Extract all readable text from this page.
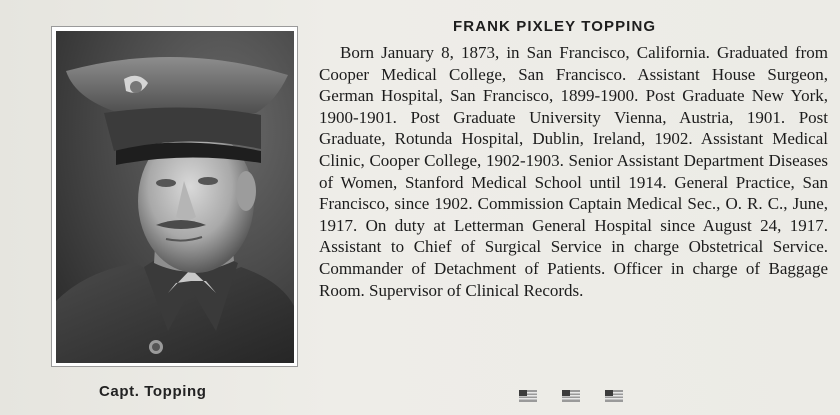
Capt. Topping
FRANK PIXLEY TOPPING
Born January 8, 1873, in San Francisco, California. Graduated from Cooper Medical College, San Francisco. Assistant House Surgeon, German Hospital, San Francisco, 1899-1900. Post Graduate New York, 1900-1901. Post Graduate University Vienna, Austria, 1901. Post Graduate, Rotunda Hospital, Dublin, Ireland, 1902. Assistant Medical Clinic, Cooper College, 1902-1903. Senior Assistant Department Diseases of Women, Stanford Medical School until 1914. General Practice, San Francisco, since 1902. Commission Captain Medical Sec., O. R. C., June, 1917. On duty at Letterman General Hospital since August 24, 1917. Assistant to Chief of Surgical Service in charge Obstetrical Service. Commander of Detachment of Patients. Officer in charge of Baggage Room. Supervisor of Clinical Records.
